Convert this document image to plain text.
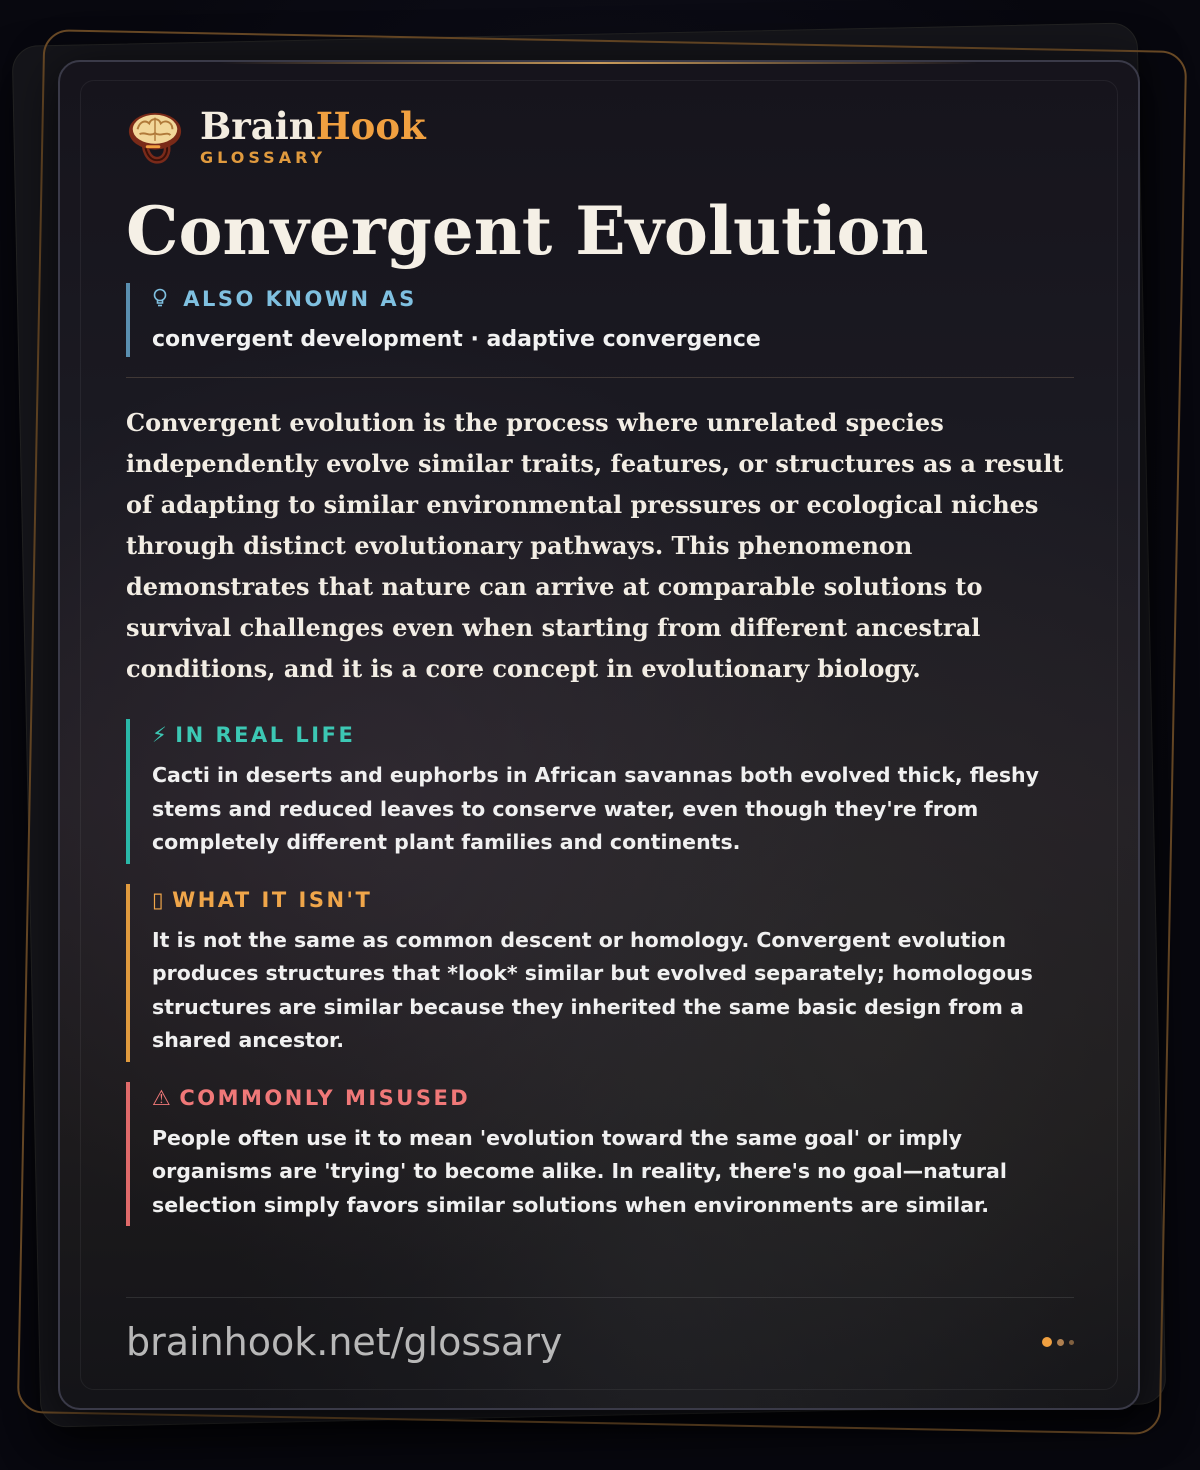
BrainHook
GLOSSARY
Convergent Evolution
ALSO KNOWN AS
convergent development · adaptive convergence

Convergent evolution is the process where unrelated species independently evolve similar traits, features, or structures as a result of adapting to similar environmental pressures or ecological niches through distinct evolutionary pathways. This phenomenon demonstrates that nature can arrive at comparable solutions to survival challenges even when starting from different ancestral conditions, and it is a core concept in evolutionary biology.

⚡ IN REAL LIFE
Cacti in deserts and euphorbs in African savannas both evolved thick, fleshy stems and reduced leaves to conserve water, even though they're from completely different plant families and continents.
▯ WHAT IT ISN'T
It is not the same as common descent or homology. Convergent evolution produces structures that *look* similar but evolved separately; homologous structures are similar because they inherited the same basic design from a shared ancestor.
⚠ COMMONLY MISUSED
People often use it to mean 'evolution toward the same goal' or imply organisms are 'trying' to become alike. In reality, there's no goal—natural selection simply favors similar solutions when environments are similar.
brainhook.net/glossary
